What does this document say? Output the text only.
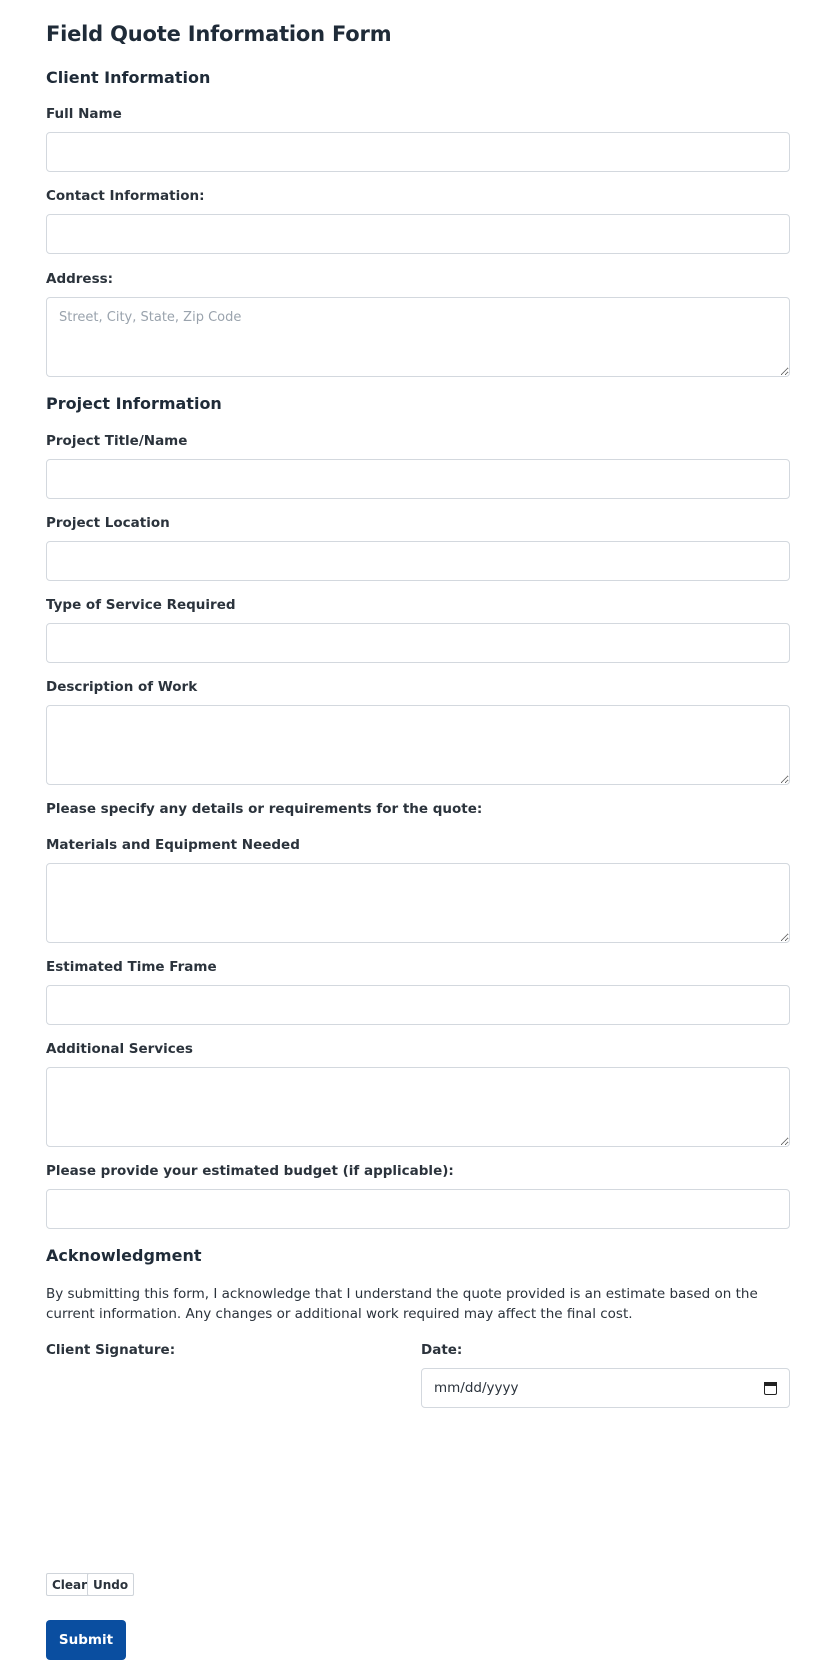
Field Quote Information Form
Client Information
Full Name
Contact Information:
Address:
Street, City, State, Zip Code
Project Information
Project Title/Name
Project Location
Type of Service Required
Description of Work
Please specify any details or requirements for the quote:
Materials and Equipment Needed
Estimated Time Frame
Additional Services
Please provide your estimated budget (if applicable):
Acknowledgment
By submitting this form, I acknowledge that I understand the quote provided is an estimate based on the current information. Any changes or additional work required may affect the final cost.
Client Signature:	Date:
mm/dd/yyyy
Clear Undo
Submit
